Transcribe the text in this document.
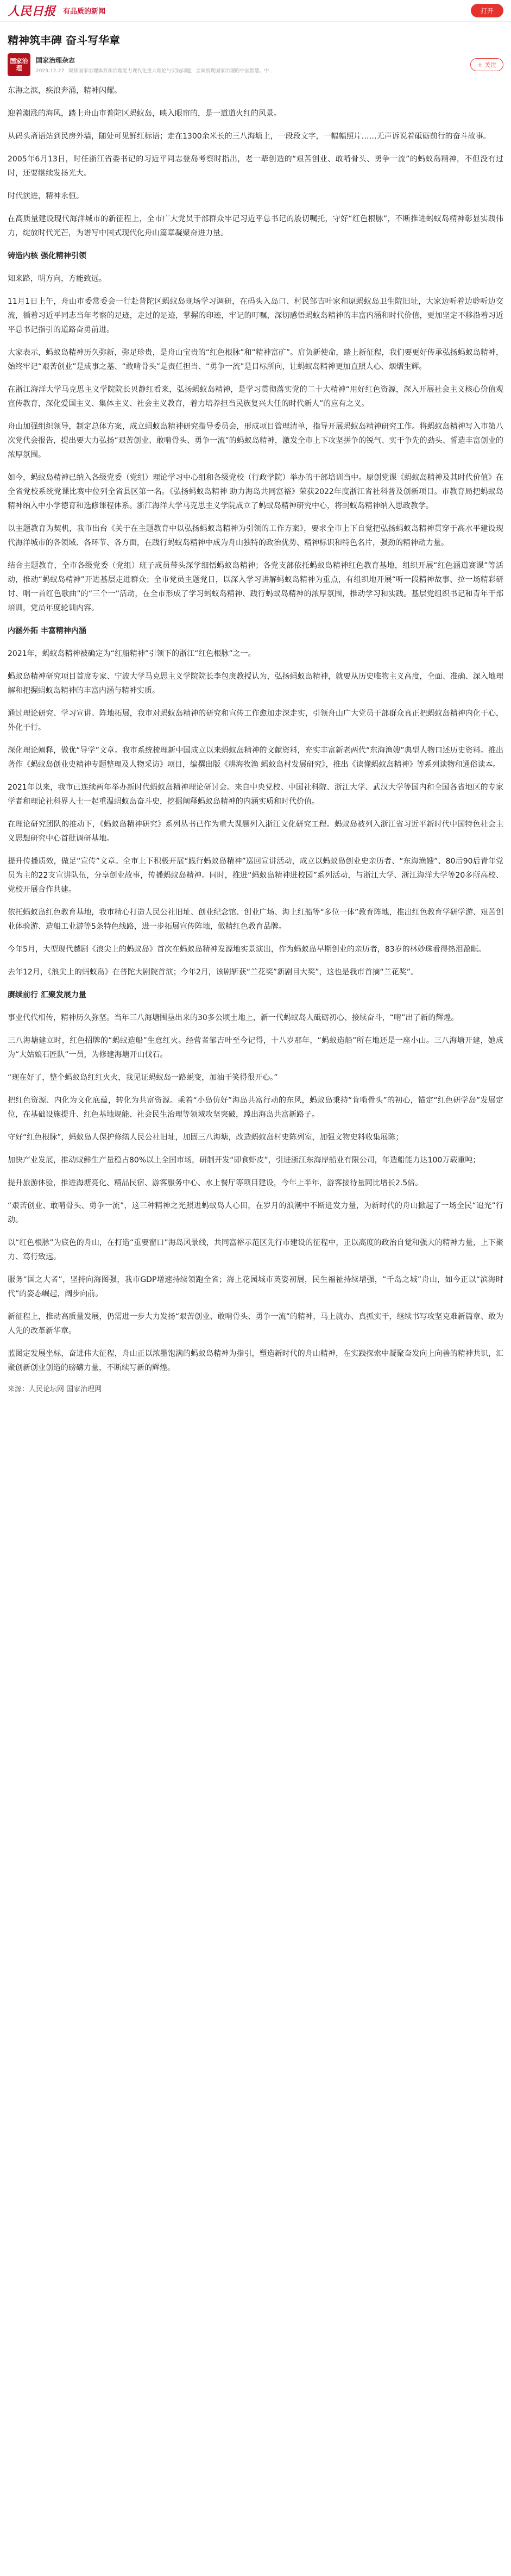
人民日报 有品质的新闻	打开
精神筑丰碑 奋斗写华章
国家治理
国家治理杂志
2023-12-27 聚焦国家治理体系和治理能力现代化重大理论与实践问题，全面展现国家治理的中国智慧。中...
+ 关注

东海之滨，疾浪奔涌，精神闪耀。

迎着潮涨的海风，踏上舟山市普陀区蚂蚁岛，映入眼帘的，是一道道火红的风景。

从码头斋语站到民房外墙，随处可见鲜红标语；走在1300余米长的三八海塘上，一段段文字，一幅幅照片……无声诉说着砥砺前行的奋斗故事。

2005年6月13日，时任浙江省委书记的习近平同志登岛考察时指出，老一辈创造的“艰苦创业、敢啃骨头、勇争一流”的蚂蚁岛精神，不但没有过时，还要继续发扬光大。

时代演进，精神永恒。

在高质量建设现代海洋城市的新征程上，全市广大党员干部群众牢记习近平总书记的殷切嘱托，守好“红色根脉”，不断推进蚂蚁岛精神彰显实践伟力，绽放时代光芒，为谱写中国式现代化舟山篇章凝聚奋进力量。

铸造内核 强化精神引领

知来路，明方向，方能致远。

11月1日上午，舟山市委常委会一行赴普陀区蚂蚁岛现场学习调研，在码头入岛口、村民邹吉叶家和原蚂蚁岛卫生院旧址，大家边听着边聆听边交流，循着习近平同志当年考察的足迹，走过的足迹，掌握的印迹，牢记的叮嘱，深切感悟蚂蚁岛精神的丰富内涵和时代价值，更加坚定不移沿着习近平总书记指引的道路奋勇前进。

大家表示，蚂蚁岛精神历久弥新，弥足珍贵，是舟山宝贵的“红色根脉”和“精神富矿”。肩负新使命，踏上新征程，我们要更好传承弘扬蚂蚁岛精神，始终牢记“艰苦创业”是成事之基、“敢啃骨头”是责任担当、“勇争一流”是目标所向，让蚂蚁岛精神更加直照人心、烟熠生辉。

在浙江海洋大学马克思主义学院院长贝静红看来，弘扬蚂蚁岛精神，是学习贯彻落实党的二十大精神“用好红色资源，深入开展社会主义核心价值观宣传教育，深化爱国主义、集体主义、社会主义教育，着力培养担当民族复兴大任的时代新人”的应有之义。

舟山加强组织领导，制定总体方案，成立蚂蚁岛精神研究指导委员会，形成项目管理清单，指导开展蚂蚁岛精神研究工作。将蚂蚁岛精神写入市第八次党代会报告，提出要大力弘扬“艰苦创业、敢啃骨头、勇争一流”的蚂蚁岛精神，激发全市上下攻坚拼争的锐气、实干争先的劲头、誓造丰富创业的浓厚氛围。

如今，蚂蚁岛精神已纳入各级党委（党组）理论学习中心组和各级党校（行政学院）举办的干部培训当中。原创党课《蚂蚁岛精神及其时代价值》在全省党校系统党课比赛中位列全省县区第一名。《弘扬蚂蚁岛精神 助力海岛共同富裕》荣获2022年度浙江省社科普及创新项目。市教育局把蚂蚁岛精神纳入中小学德育和选修课程体系。浙江海洋大学马克思主义学院成立了蚂蚁岛精神研究中心，将蚂蚁岛精神纳入思政教学。

以主题教育为契机，我市出台《关于在主题教育中以弘扬蚂蚁岛精神为引领的工作方案》，要求全市上下自觉把弘扬蚂蚁岛精神贯穿于高水平建设现代海洋城市的各领域、各环节、各方面，在践行蚂蚁岛精神中成为舟山独特的政治优势、精神标识和特色名片，强劲的精神动力量。

结合主题教育，全市各级党委（党组）班子成员带头深学细悟蚂蚁岛精神；各党支部依托蚂蚁岛精神红色教育基地，组织开展“红色涵道赛课”等活动，推动“蚂蚁岛精神”开进基层走进群众；全市党员主题党日，以深入学习讲解蚂蚁岛精神为重点，有组织地开展“听一段精神故事、拉一场精彩研讨、唱一首红色歌曲”的“三个一”活动，在全市形成了学习蚂蚁岛精神、践行蚂蚁岛精神的浓厚氛围，推动学习和实践。基层党组织书记和青年干部培训，党员年度轮训内容。

内涵外拓 丰富精神内涵

2021年，蚂蚁岛精神被确定为“红船精神”引领下的浙江“红色根脉”之一。

蚂蚁岛精神研究项目首席专家、宁波大学马克思主义学院院长李包庚教授认为，弘扬蚂蚁岛精神，就要从历史唯物主义高度，全面、准确、深入地理解和把握蚂蚁岛精神的丰富内涵与精神实质。

通过理论研究、学习宣讲、阵地拓展，我市对蚂蚁岛精神的研究和宣传工作愈加走深走实，引领舟山广大党员干部群众真正把蚂蚁岛精神内化于心，外化于行。

深化理论阐释，做优“导学”文章。我市系统梳理新中国成立以来蚂蚁岛精神的文献资料，充实丰富新老两代“东海渔嫂”典型人物口述历史资料。推出著作《蚂蚁岛创业史精神专题整理及人物采访》项目，编撰出版《耕海牧渔 蚂蚁岛村发展研究》，推出《读懂蚂蚁岛精神》等系列读物和通俗读本。

2021年以来，我市已连续两年举办新时代蚂蚁岛精神理论研讨会。来自中央党校、中国社科院、浙江大学、武汉大学等国内和全国各省地区的专家学者和理论社科界人士一起重温蚂蚁岛奋斗史，挖掘阐释蚂蚁岛精神的内涵实质和时代价值。

在理论研究团队的推动下，《蚂蚁岛精神研究》系列丛书已作为重大课题列入浙江文化研究工程。蚂蚁岛被列入浙江省习近平新时代中国特色社会主义思想研究中心首批调研基地。

提升传播质效，做足“宣传”文章。全市上下积极开展“践行蚂蚁岛精神”巡回宣讲活动，成立以蚂蚁岛创业史亲历者、“东海渔嫂”、80后90后青年党员为主的22支宣讲队伍，分享创业故事，传播蚂蚁岛精神。同时，推进“蚂蚁岛精神进校园”系列活动，与浙江大学、浙江海洋大学等20多所高校、党校开展合作共建。

依托蚂蚁岛红色教育基地，我市精心打造人民公社旧址、创业纪念馆、创业广场、海上红船等“多位一体”教育阵地，推出红色教育学研学游、艰苦创业体验游、造船工业游等5条特色线路，进一步拓展宣传阵地，做精红色教育品牌。

今年5月，大型现代越剧《浪尖上的蚂蚁岛》首次在蚂蚁岛精神发源地实景演出，作为蚂蚁岛早期创业的亲历者，83岁的林妙珠看得热泪盈眶。

去年12月，《浪尖上的蚂蚁岛》在普陀大剧院首演；今年2月，该剧斩获“兰花奖”新剧目大奖”，这也是我市首摘“兰花奖”。

赓续前行 汇聚发展力量

事业代代相传，精神历久弥坚。当年三八海塘围垦出来的30多公顷土地上，新一代蚂蚁岛人砥砺初心、接续奋斗，“啃”出了新的辉煌。

三八海塘建立时，红色招牌的“蚂蚁造船”生意红火。经营者邹吉叶至今记得，十八岁那年，“蚂蚁造船”所在地还是一座小山。三八海塘开建，她成为“大姑娘石匠队”一员，为修建海塘开山伐石。

“现在好了，整个蚂蚁岛红红火火，我见证蚂蚁岛一路蜕变，加油干笑得很开心。”

把红色资源、内化为文化底蕴，转化为共富资源。乘着“小岛仿好”海岛共富行动的东风，蚂蚁岛秉持“肯啃骨头”的初心，锚定“红色研学岛”发展定位，在基础设施提升、红色基地规能、社会民生治理等领域攻坚突破，蹚出海岛共富新路子。

守好“红色根脉”，蚂蚁岛人保护修缮人民公社旧址，加固三八海塘，改造蚂蚁岛村史陈列室，加强文物史料收集展陈；

加快产业发展，推动蚁鲜生产量稳占80%以上全国市场，研制开发“即食虾皮”，引进浙江东海岸船业有限公司，年造船能力达100万载重吨；

提升旅游体验，推进海塘亮化、精品民宿、游客服务中心、水上餐厅等项目建设，今年上半年，游客接待量同比增长2.5倍。

“艰苦创业、敢啃骨头、勇争一流”，这三种精神之光照进蚂蚁岛人心田，在岁月的浪潮中不断迸发力量，为新时代的舟山掀起了一场全民“追光”行动。

以“红色根脉”为底色的舟山，在打造“重要窗口”海岛风景线，共同富裕示范区先行市建设的征程中，正以高度的政治自觉和强大的精神力量，上下聚力、笃行致远。

服务“国之大者”，坚持向海图强，我市GDP增速持续领跑全省；海上花园城市英姿初展，民生福祉持续增强，“千岛之城”舟山，如今正以“滨海时代”的姿态崛起，阔步向前。

新征程上，推动高质量发展，仍需进一步大力发扬“艰苦创业、敢啃骨头、勇争一流”的精神，马上就办、真抓实干，继续书写攻坚克难新篇章、敢为人先的改革新华章。

蓝图定发展坐标，奋进伟大征程，舟山正以浓墨饱满的蚂蚁岛精神为指引，塑造新时代的舟山精神，在实践探索中凝聚奋发向上向善的精神共识，汇聚创新创业创造的磅礴力量，不断续写新的辉煌。

来源：人民论坛网 国家治理网
